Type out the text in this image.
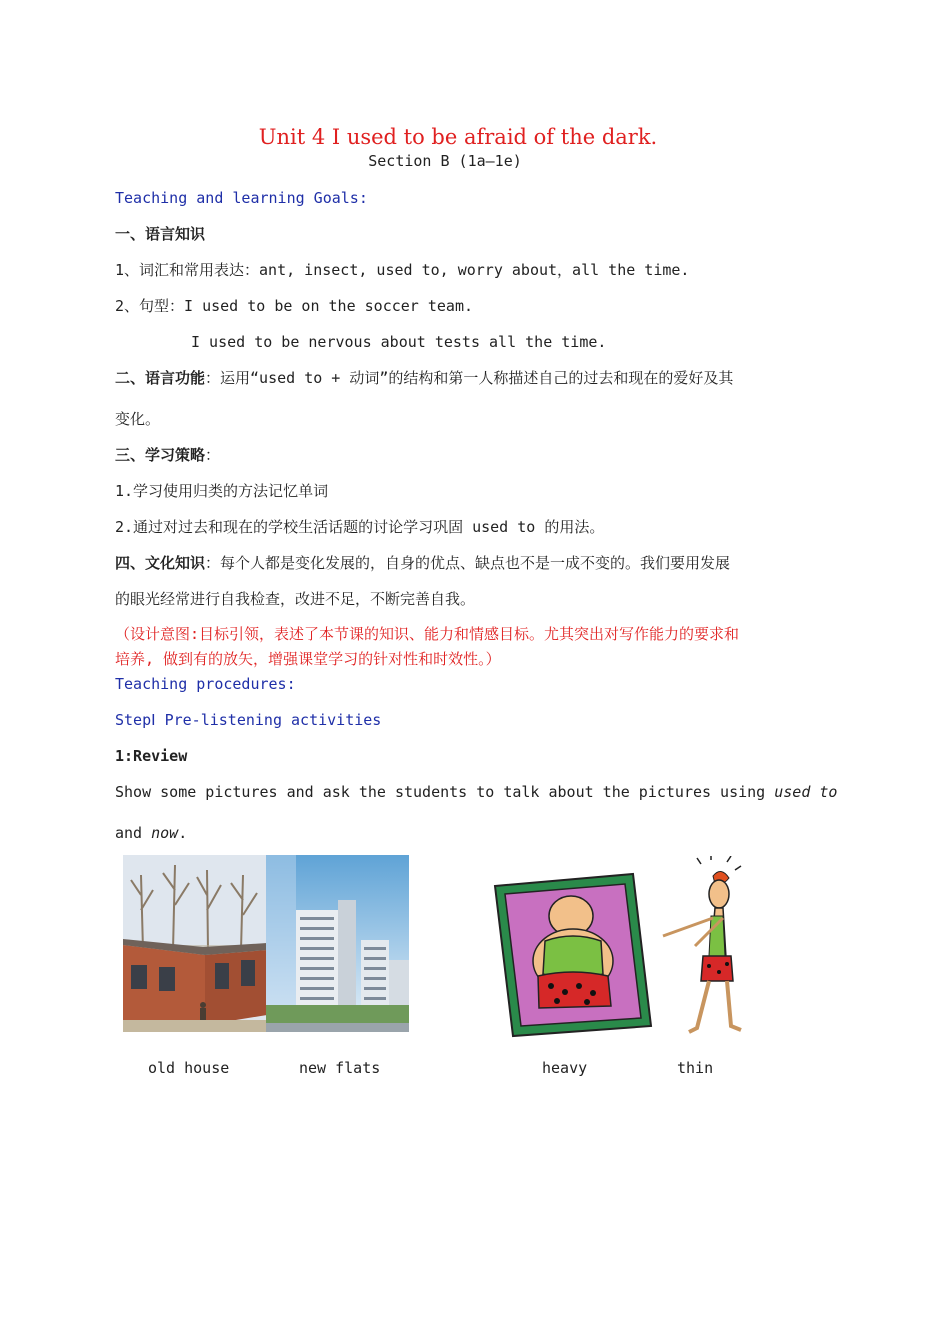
Unit 4 I used to be afraid of the dark.
Section B (1a—1e)
Teaching and learning Goals:
一、语言知识
1、词汇和常用表达：ant, insect, used to, worry about，all the time.
2、句型：I used to be on the soccer team.
I used to be nervous about tests all the time.
二、语言功能：运用“used to + 动词”的结构和第一人称描述自己的过去和现在的爱好及其
变化。
三、学习策略：
1.学习使用归类的方法记忆单词
2.通过对过去和现在的学校生活话题的讨论学习巩固 used to 的用法。
四、文化知识：每个人都是变化发展的，自身的优点、缺点也不是一成不变的。我们要用发展
的眼光经常进行自我检查，改进不足，不断完善自我。
（设计意图:目标引领，表述了本节课的知识、能力和情感目标。尤其突出对写作能力的要求和
培养, 做到有的放矢，增强课堂学习的针对性和时效性。）
Teaching procedures:
StepⅠ Pre-listening activities
1:Review
Show some pictures and ask the students to talk about the pictures using used to
and now.
old house	new flats	heavy	thin
